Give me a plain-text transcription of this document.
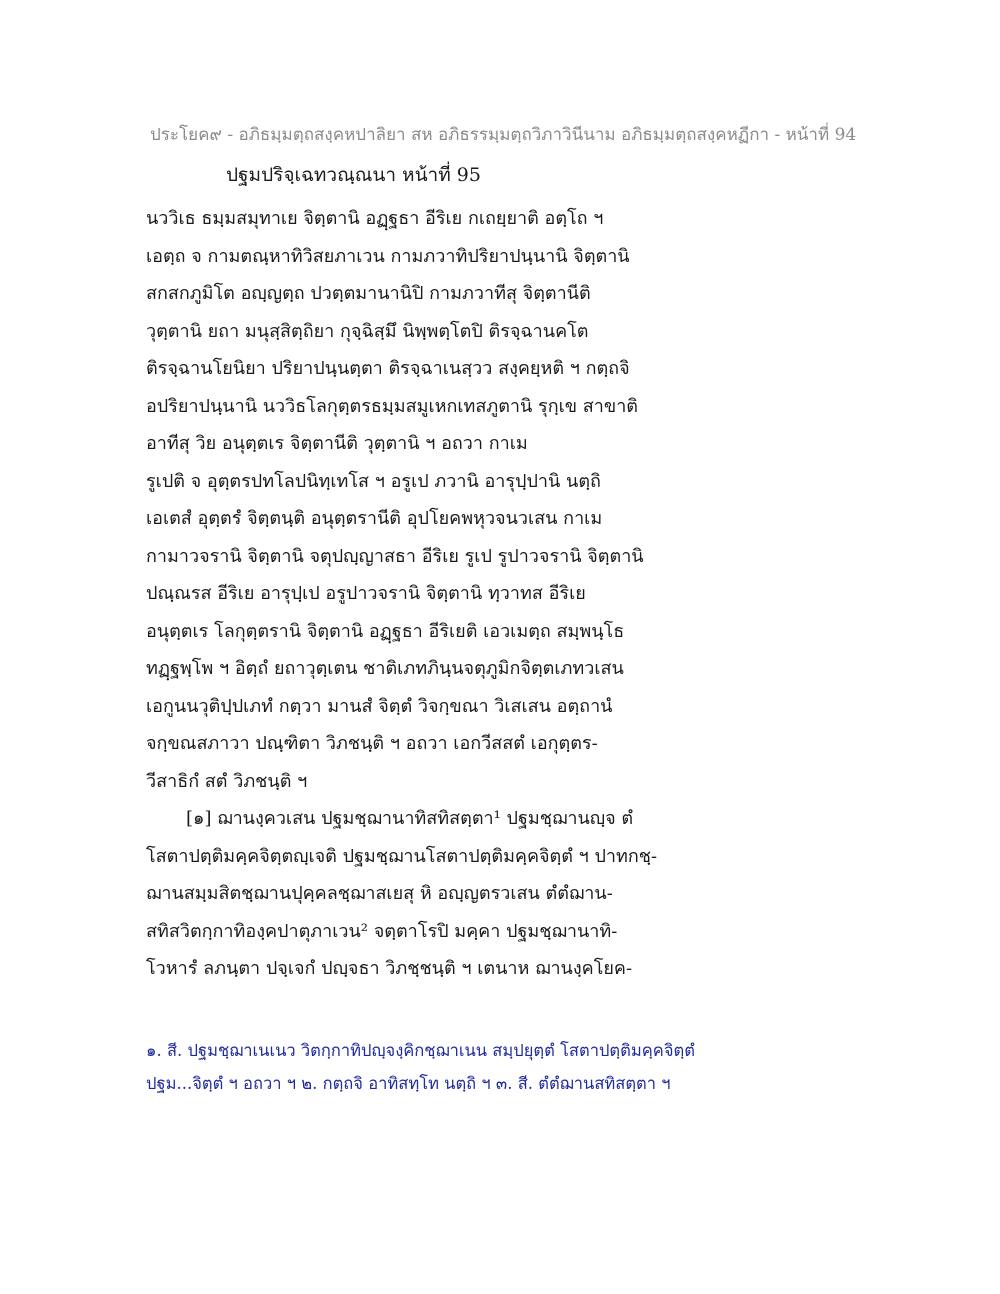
ประโยค๙ - อภิธมฺมตฺถสงฺคหปาลิยา สห อภิธรรมฺมตฺถวิภาวินีนาม อภิธมฺมตฺถสงฺคหฏีกา - หน้าที่ 94
ปฐมปริจฺเฉทวณฺณนา หน้าที่ 95
นววิเธ ธมฺมสมุทาเย จิตฺตานิ อฏฺฐธา อีริเย กเถยฺยาติ อตฺโถ ฯ
เอตฺถ จ กามตณฺหาทิวิสยภาเวน กามภวาทิปริยาปนฺนานิ จิตฺตานิ
สกสกภูมิโต อญฺญตฺถ ปวตฺตมานานิปิ กามภวาทีสุ จิตฺตานีติ
วุตฺตานิ ยถา มนุสฺสิตฺถิยา กุจฺฉิสฺมึ นิพฺพตฺโตปิ ติรจฺฉานคโต
ติรจฺฉานโยนิยา ปริยาปนฺนตฺตา ติรจฺฉาเนสฺวว สงฺคยฺหติ ฯ กตฺถจิ
อปริยาปนฺนานิ นววิธโลกุตฺตรธมฺมสมูเหกเทสภูตานิ รุกฺเข สาขาติ
อาทีสุ วิย อนุตฺตเร จิตฺตานีติ วุตฺตานิ ฯ อถวา กาเม
รูเปติ จ อุตฺตรปทโลปนิทฺเทโส ฯ อรูเป ภวานิ อารุปฺปานิ นตฺถิ
เอเตสํ อุตฺตรํ จิตฺตนฺติ อนุตฺตรานีติ อุปโยคพหุวจนวเสน กาเม
กามาวจรานิ จิตฺตานิ จตุปญฺญาสธา อีริเย รูเป รูปาวจรานิ จิตฺตานิ
ปณฺณรส อีริเย อารุปฺเป อรูปาวจรานิ จิตฺตานิ ทฺวาทส อีริเย
อนุตฺตเร โลกุตฺตรานิ จิตฺตานิ อฏฺฐธา อีริเยติ เอวเมตฺถ สมฺพนฺโธ
ทฏฺฐพฺโพ ฯ อิตฺถํ ยถาวุตฺเตน ชาติเภทภินฺนจตุภูมิกจิตฺตเภทวเสน
เอกูนนวุติปฺปเภทํ กตฺวา มานสํ จิตฺตํ วิจกฺขณา วิเสเสน อตฺถานํ
จกฺขณสภาวา ปณฺฑิตา วิภชนฺติ ฯ อถวา เอกวีสสตํ เอกุตฺตร-
วีสาธิกํ สตํ วิภชนฺติ ฯ
[๑] ฌานงฺควเสน ปฐมชฺฌานาทิสทิสตฺตา¹ ปฐมชฺฌานญฺจ ตํ
โสตาปตฺติมคฺคจิตฺตญฺเจติ ปฐมชฺฌานโสตาปตฺติมคฺคจิตฺตํ ฯ ปาทกชฺ-
ฌานสมฺมสิตชฺฌานปุคฺคลชฺฌาสเยสุ หิ อญฺญตรวเสน ตํตํฌาน-
สทิสวิตกฺกาทิองฺคปาตุภาเวน² จตฺตาโรปิ มคฺคา ปฐมชฺฌานาทิ-
โวหารํ ลภนฺตา ปจฺเจกํ ปญฺจธา วิภชฺชนฺติ ฯ เตนาห ฌานงฺคโยค-
๑. สี. ปฐมชฺฌาเนเนว วิตกฺกาทิปญฺจงฺคิกชฺฌาเนน สมฺปยุตฺตํ โสตาปตฺติมคฺคจิตฺตํ
ปฐม...จิตฺตํ ฯ อถวา ฯ ๒. กตฺถจิ อาทิสทฺโท นตฺถิ ฯ ๓. สี. ตํตํฌานสทิสตฺตา ฯ
